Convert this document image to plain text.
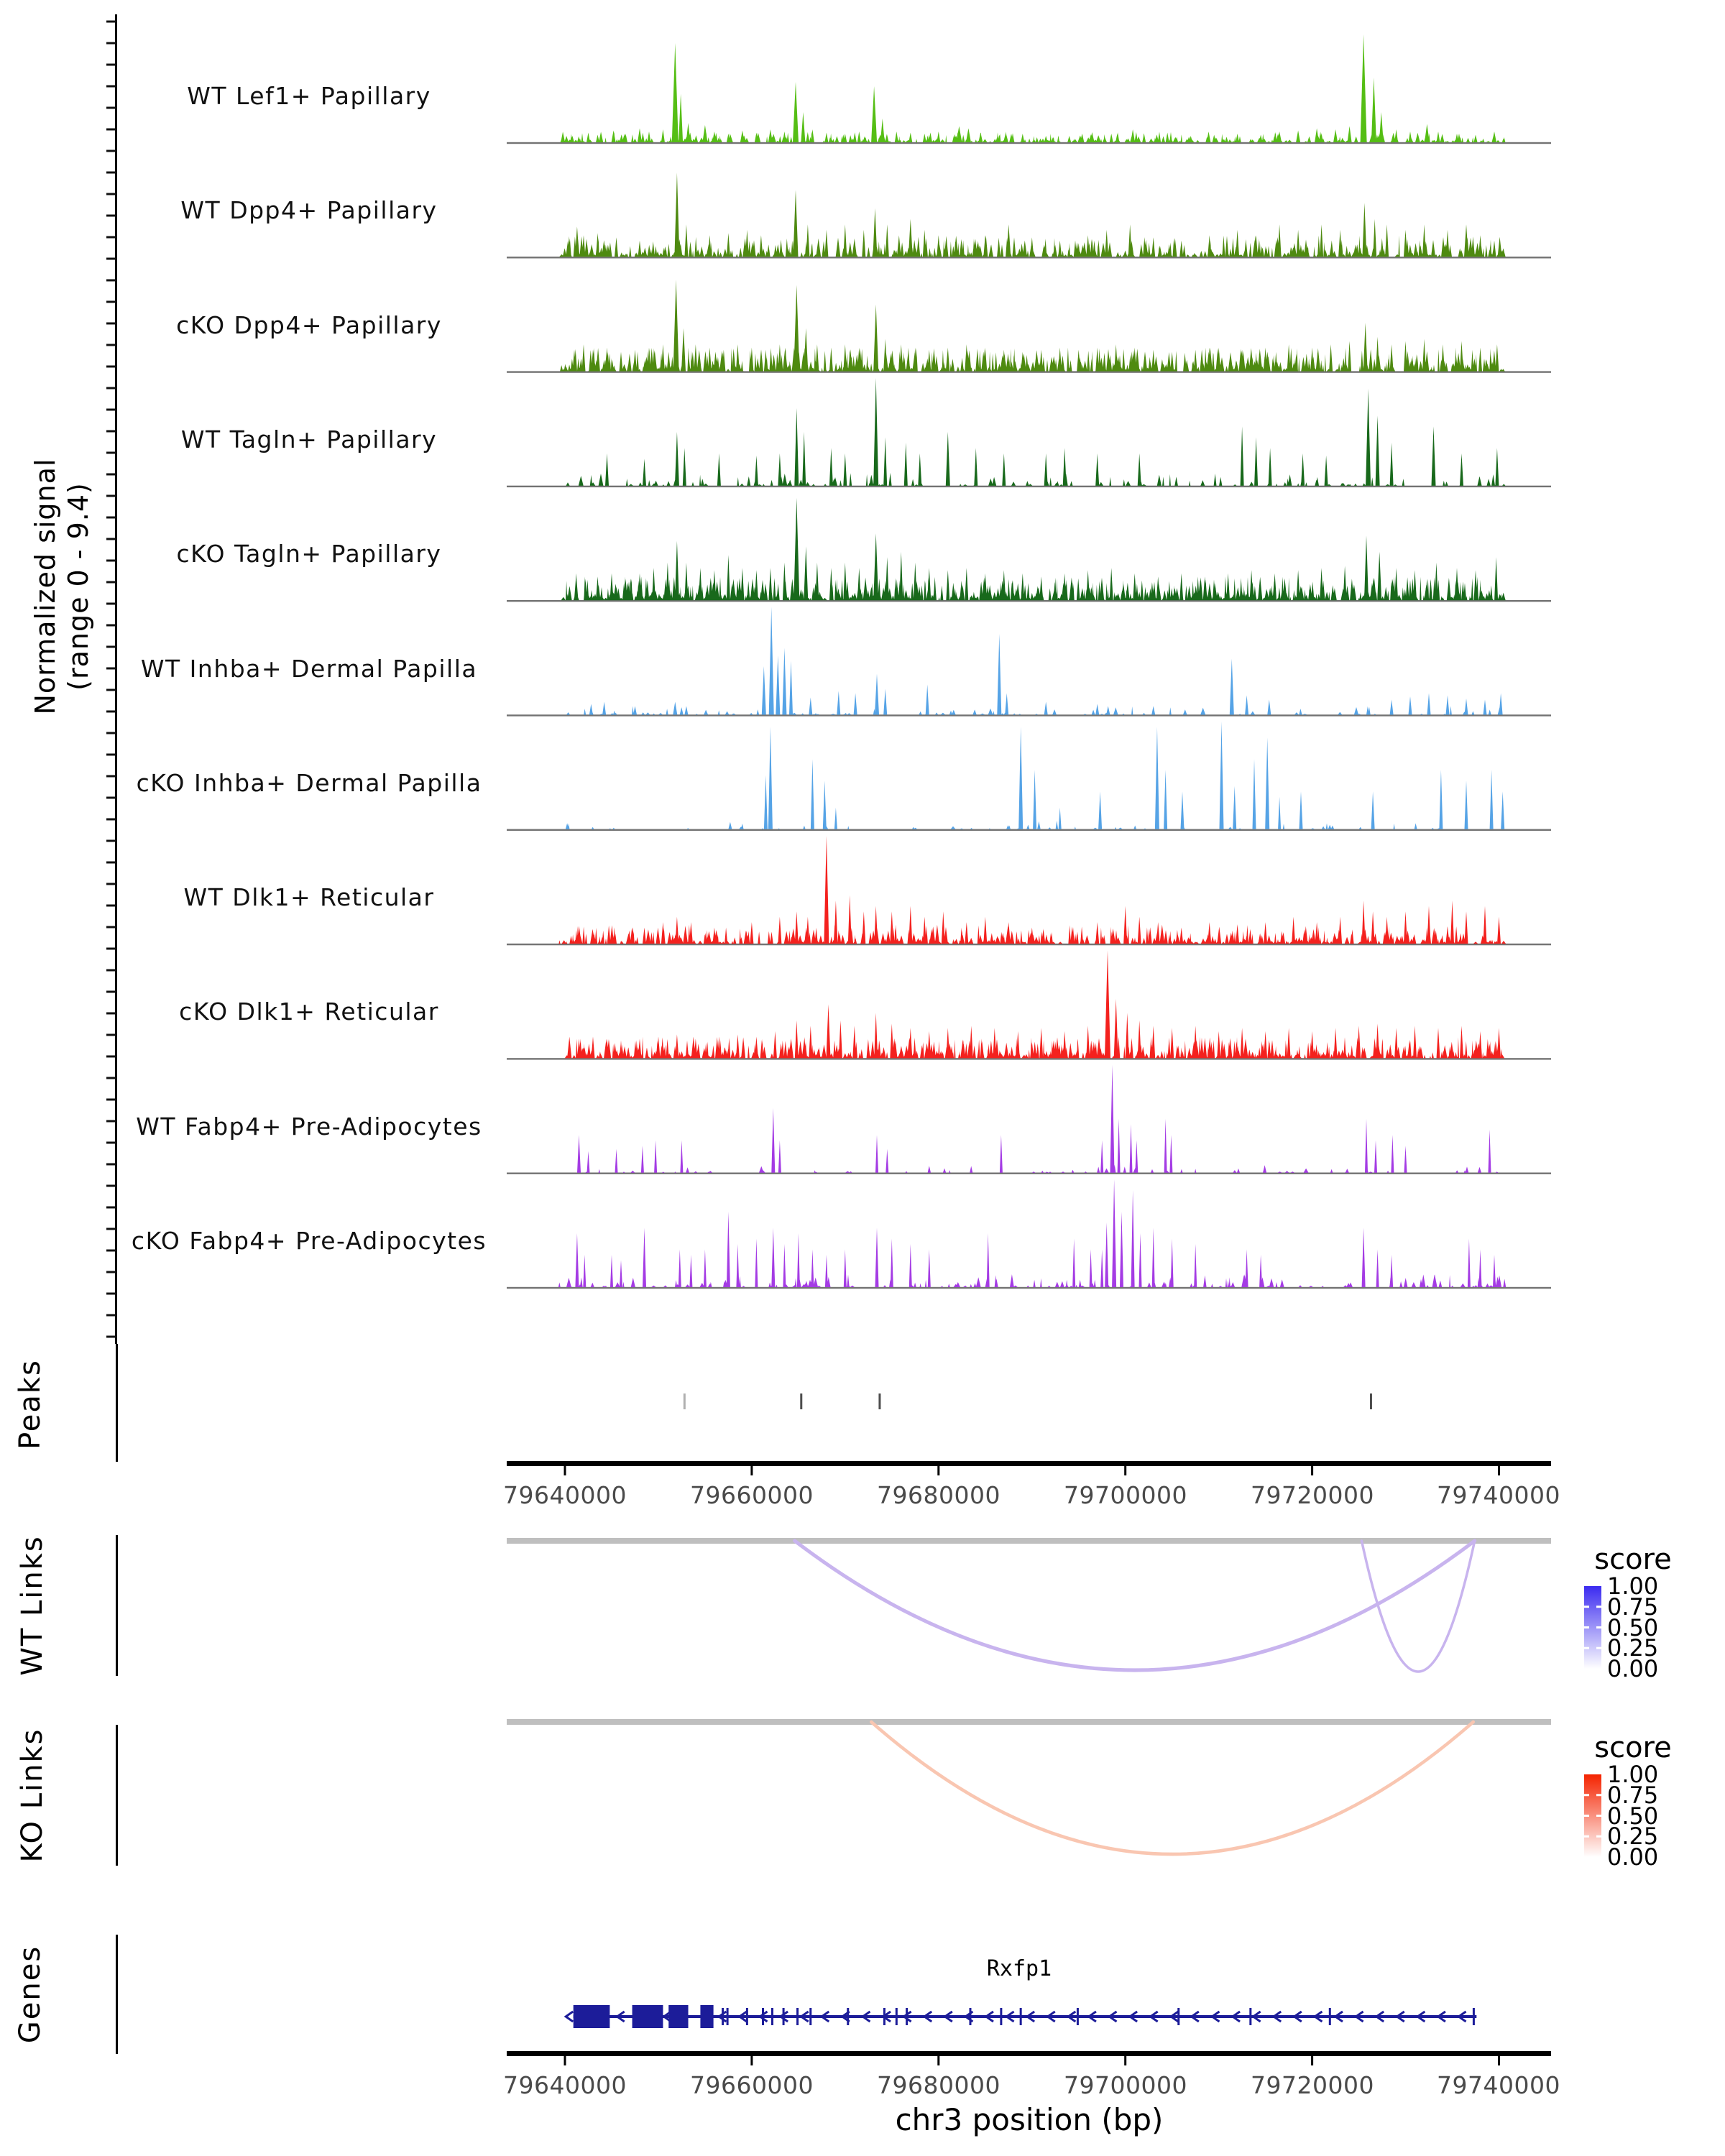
Normalized signal (range 0 - 9.4)
WT Lef1+ Papillary
WT Dpp4+ Papillary
cKO Dpp4+ Papillary
WT Tagln+ Papillary
cKO Tagln+ Papillary
WT Inhba+ Dermal Papilla
cKO Inhba+ Dermal Papilla
WT Dlk1+ Reticular
cKO Dlk1+ Reticular
WT Fabp4+ Pre-Adipocytes
cKO Fabp4+ Pre-Adipocytes
Peaks
WT Links
KO Links
Genes
79640000	79660000	79680000	79700000	79720000	79740000
score
1.00
0.75
0.50
0.25
0.00
score
1.00
0.75
0.50
0.25
0.00
Rxfp1
79640000	79660000	79680000	79700000	79720000	79740000
chr3 position (bp)
